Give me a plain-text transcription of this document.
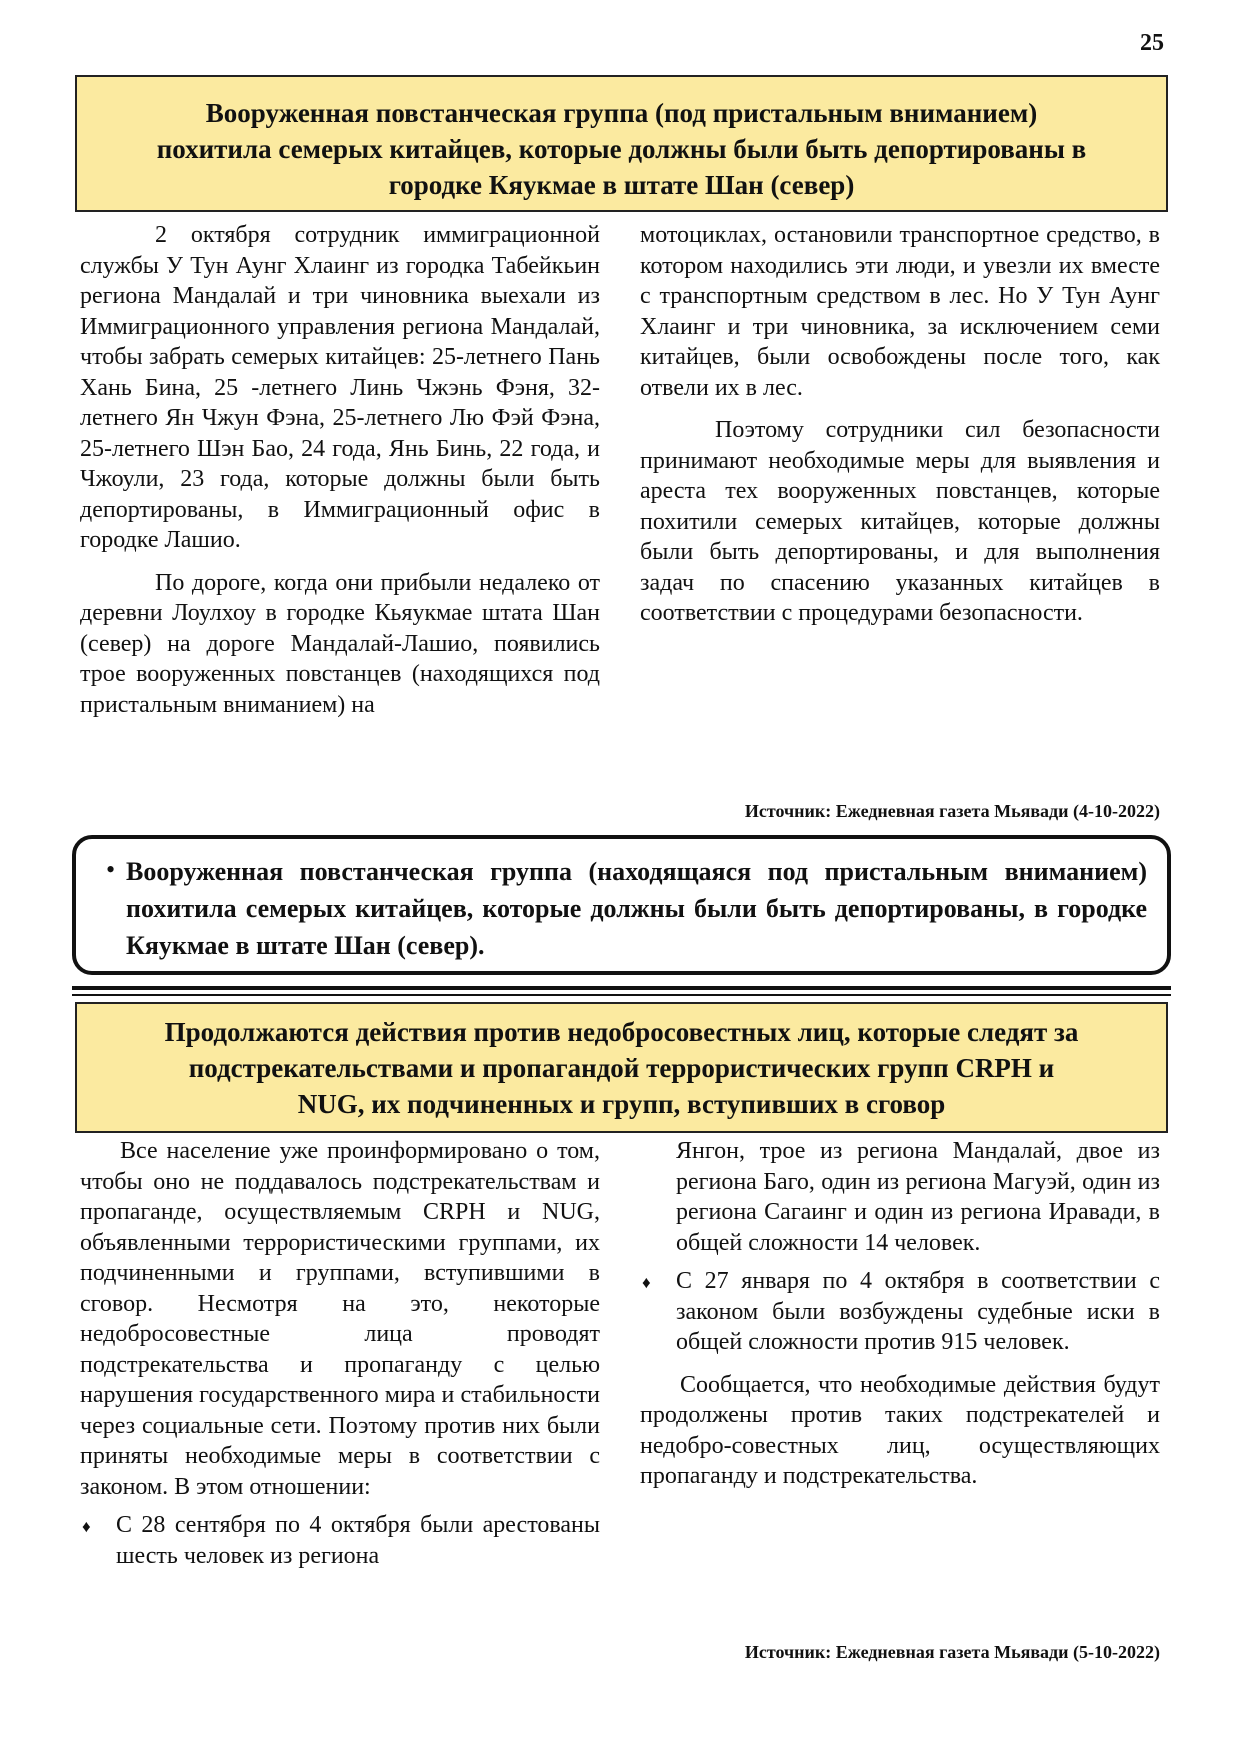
25
Вооруженная повстанческая группа (под пристальным вниманием)
похитила семерых китайцев, которые должны были быть депортированы в
городке Кяукмае в штате Шан (север)

2 октября сотрудник иммиграционной службы У Тун Аунг Хлаинг из городка Табейкьин региона Мандалай и три чиновника выехали из Иммиграционного управления региона Мандалай, чтобы забрать семерых китайцев: 25-летнего Пань Хань Бина, 25 -летнего Линь Чжэнь Фэня, 32-летнего Ян Чжун Фэна, 25-летнего Лю Фэй Фэна, 25-летнего Шэн Бао, 24 года, Янь Бинь, 22 года, и Чжоули, 23 года, которые должны были быть депортированы, в Иммиграционный офис в городке Лашио.

По дороге, когда они прибыли недалеко от деревни Лоулхоу в городке Кьяукмае штата Шан (север) на дороге Мандалай-Лашио, появились трое вооруженных повстанцев (находящихся под пристальным вниманием) на

мотоциклах, остановили транспортное средство, в котором находились эти люди, и увезли их вместе с транспортным средством в лес. Но У Тун Аунг Хлаинг и три чиновника, за исключением семи китайцев, были освобождены после того, как отвели их в лес.

Поэтому сотрудники сил безопасности принимают необходимые меры для выявления и ареста тех вооруженных повстанцев, которые похитили семерых китайцев, которые должны были быть депортированы, и для выполнения задач по спасению указанных китайцев в соответствии с процедурами безопасности.

Источник: Ежедневная газета Мьявади (4-10-2022)
• Вооруженная повстанческая группа (находящаяся под пристальным вниманием) похитила семерых китайцев, которые должны были быть депортированы, в городке Кяукмае в штате Шан (север).
Продолжаются действия против недобросовестных лиц, которые следят за
подстрекательствами и пропагандой террористических групп CRPH и
NUG, их подчиненных и групп, вступивших в сговор

Все население уже проинформировано о том, чтобы оно не поддавалось подстрекательствам и пропаганде, осуществляемым CRPH и NUG, объявленными террористическими группами, их подчиненными и группами, вступившими в сговор. Несмотря на это, некоторые недобросовестные лица проводят подстрекательства и пропаганду с целью нарушения государственного мира и стабильности через социальные сети. Поэтому против них были приняты необходимые меры в соответствии с законом. В этом отношении:

♦ С 28 сентября по 4 октября были арестованы шесть человек из региона
Янгон, трое из региона Мандалай, двое из региона Баго, один из региона Магуэй, один из региона Сагаинг и один из региона Иравади, в общей сложности 14 человек.
♦ С 27 января по 4 октября в соответствии с законом были возбуждены судебные иски в общей сложности против 915 человек.

Сообщается, что необходимые действия будут продолжены против таких подстрекателей и недобро-совестных лиц, осуществляющих пропаганду и подстрекательства.

Источник: Ежедневная газета Мьявади (5-10-2022)
